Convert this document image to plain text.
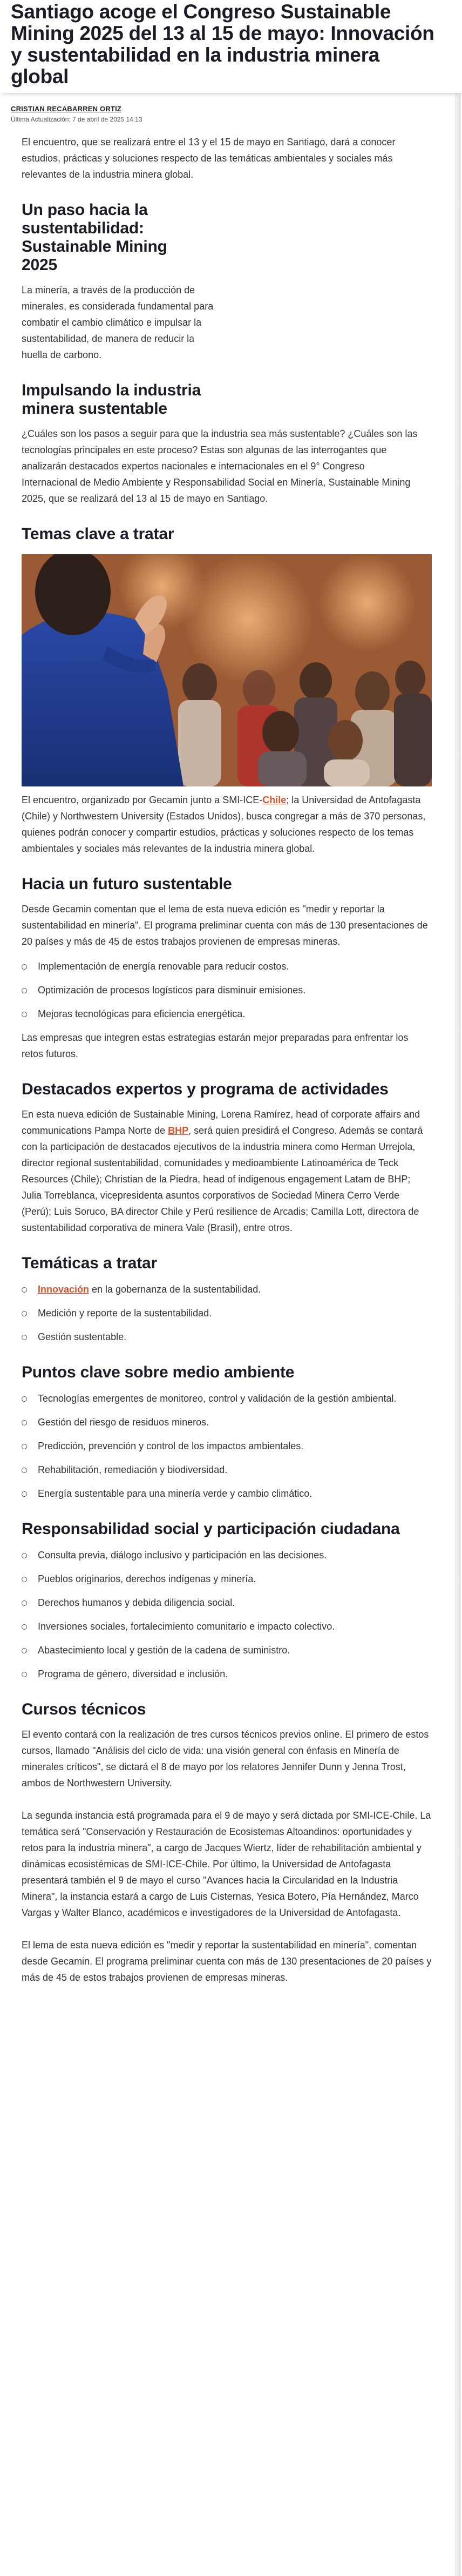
Santiago acoge el Congreso Sustainable Mining 2025 del 13 al 15 de mayo: Innovación y sustentabilidad en la industria minera global
CRISTIAN RECABARREN ORTIZ
Última Actualización: 7 de abril de 2025 14:13

El encuentro, que se realizará entre el 13 y el 15 de mayo en Santiago, dará a conocer estudios, prácticas y soluciones respecto de las temáticas ambientales y sociales más relevantes de la industria minera global.

Un paso hacia la sustentabilidad: Sustainable Mining 2025

La minería, a través de la producción de minerales, es considerada fundamental para combatir el cambio climático e impulsar la sustentabilidad, de manera de reducir la huella de carbono.

Impulsando la industria minera sustentable

¿Cuáles son los pasos a seguir para que la industria sea más sustentable? ¿Cuáles son las tecnologías principales en este proceso? Estas son algunas de las interrogantes que analizarán destacados expertos nacionales e internacionales en el 9° Congreso Internacional de Medio Ambiente y Responsabilidad Social en Minería, Sustainable Mining 2025, que se realizará del 13 al 15 de mayo en Santiago.

Temas clave a tratar

El encuentro, organizado por Gecamin junto a SMI-ICE-Chile; la Universidad de Antofagasta (Chile) y Northwestern University (Estados Unidos), busca congregar a más de 370 personas, quienes podrán conocer y compartir estudios, prácticas y soluciones respecto de los temas ambientales y sociales más relevantes de la industria minera global.

Hacia un futuro sustentable

Desde Gecamin comentan que el lema de esta nueva edición es "medir y reportar la sustentabilidad en minería". El programa preliminar cuenta con más de 130 presentaciones de 20 países y más de 45 de estos trabajos provienen de empresas mineras.

Implementación de energía renovable para reducir costos.
Optimización de procesos logísticos para disminuir emisiones.
Mejoras tecnológicas para eficiencia energética.

Las empresas que integren estas estrategias estarán mejor preparadas para enfrentar los retos futuros.

Destacados expertos y programa de actividades

En esta nueva edición de Sustainable Mining, Lorena Ramírez, head of corporate affairs and communications Pampa Norte de BHP, será quien presidirá el Congreso. Además se contará con la participación de destacados ejecutivos de la industria minera como Herman Urrejola, director regional sustentabilidad, comunidades y medioambiente Latinoamérica de Teck Resources (Chile); Christian de la Piedra, head of indigenous engagement Latam de BHP; Julia Torreblanca, vicepresidenta asuntos corporativos de Sociedad Minera Cerro Verde (Perú); Luis Soruco, BA director Chile y Perú resilience de Arcadis; Camilla Lott, directora de sustentabilidad corporativa de minera Vale (Brasil), entre otros.

Temáticas a tratar
Innovación en la gobernanza de la sustentabilidad.
Medición y reporte de la sustentabilidad.
Gestión sustentable.
Puntos clave sobre medio ambiente
Tecnologías emergentes de monitoreo, control y validación de la gestión ambiental.
Gestión del riesgo de residuos mineros.
Predicción, prevención y control de los impactos ambientales.
Rehabilitación, remediación y biodiversidad.
Energía sustentable para una minería verde y cambio climático.
Responsabilidad social y participación ciudadana
Consulta previa, diálogo inclusivo y participación en las decisiones.
Pueblos originarios, derechos indígenas y minería.
Derechos humanos y debida diligencia social.
Inversiones sociales, fortalecimiento comunitario e impacto colectivo.
Abastecimiento local y gestión de la cadena de suministro.
Programa de género, diversidad e inclusión.
Cursos técnicos

El evento contará con la realización de tres cursos técnicos previos online. El primero de estos cursos, llamado "Análisis del ciclo de vida: una visión general con énfasis en Minería de minerales críticos", se dictará el 8 de mayo por los relatores Jennifer Dunn y Jenna Trost, ambos de Northwestern University.

La segunda instancia está programada para el 9 de mayo y será dictada por SMI-ICE-Chile. La temática será "Conservación y Restauración de Ecosistemas Altoandinos: oportunidades y retos para la industria minera", a cargo de Jacques Wiertz, líder de rehabilitación ambiental y dinámicas ecosistémicas de SMI-ICE-Chile. Por último, la Universidad de Antofagasta presentará también el 9 de mayo el curso "Avances hacia la Circularidad en la Industria Minera", la instancia estará a cargo de Luis Cisternas, Yesica Botero, Pía Hernández, Marco Vargas y Walter Blanco, académicos e investigadores de la Universidad de Antofagasta.

El lema de esta nueva edición es "medir y reportar la sustentabilidad en minería", comentan desde Gecamin. El programa preliminar cuenta con más de 130 presentaciones de 20 países y más de 45 de estos trabajos provienen de empresas mineras.
